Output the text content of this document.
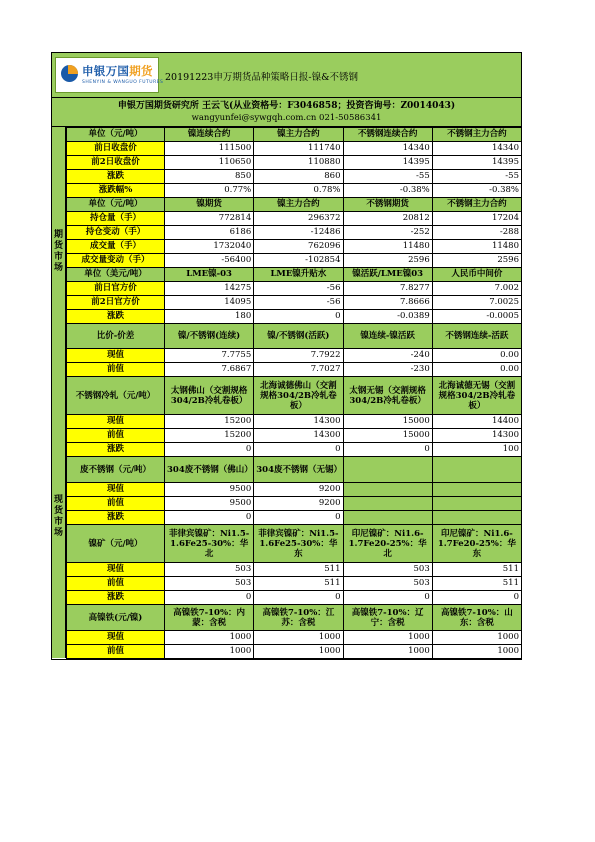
申银万国期货
SHENYIN & WANGUO FUTURES 20191223申万期货品种策略日报-镍&不锈钢
申银万国期货研究所 王云飞(从业资格号：F3046858；投资咨询号：Z0014043)
wangyunfei@sywgqh.com.cn 021-50586341
期货市场
现货市场
单位（元/吨）	镍连续合约	镍主力合约	不锈钢连续合约	不锈钢主力合约
前日收盘价	111500	111740	14340	14340
前2日收盘价	110650	110880	14395	14395
涨跌	850	860	-55	-55
涨跌幅%	0.77%	0.78%	-0.38%	-0.38%
单位（元/吨）	镍期货	镍主力合约	不锈钢期货	不锈钢主力合约
持仓量（手）	772814	296372	20812	17204
持仓变动（手）	6186	-12486	-252	-288
成交量（手）	1732040	762096	11480	11480
成交量变动（手）	-56400	-102854	2596	2596
单位（美元/吨）	LME镍-03	LME镍升贴水	镍活跃/LME镍03	人民币中间价
前日官方价	14275	-56	7.8277	7.002
前2日官方价	14095	-56	7.8666	7.0025
涨跌	180	0	-0.0389	-0.0005
比价-价差	镍/不锈钢(连续)	镍/不锈钢(活跃)	镍连续-镍活跃	不锈钢连续-活跃
现值	7.7755	7.7922	-240	0.00
前值	7.6867	7.7027	-230	0.00
不锈钢冷轧（元/吨）	太钢佛山（交割规格304/2B冷轧卷板）	北海诚德佛山（交割规格304/2B冷轧卷板）	太钢无锡（交割规格304/2B冷轧卷板）	北海诚德无锡（交割规格304/2B冷轧卷板）
现值	15200	14300	15000	14400
前值	15200	14300	15000	14300
涨跌	0	0	0	100
废不锈钢（元/吨）	304废不锈钢（佛山）	304废不锈钢（无锡）		
现值	9500	9200		
前值	9500	9200		
涨跌	0	0		
镍矿（元/吨）	菲律宾镍矿：Ni1.5-1.6Fe25-30%：华北	菲律宾镍矿：Ni1.5-1.6Fe25-30%：华东	印尼镍矿：Ni1.6-1.7Fe20-25%：华北	印尼镍矿：Ni1.6-1.7Fe20-25%：华东
现值	503	511	503	511
前值	503	511	503	511
涨跌	0	0	0	0
高镍铁(元/镍)	高镍铁7-10%：内蒙：含税	高镍铁7-10%：江苏：含税	高镍铁7-10%：辽宁：含税	高镍铁7-10%：山东：含税
现值	1000	1000	1000	1000
前值	1000	1000	1000	1000
